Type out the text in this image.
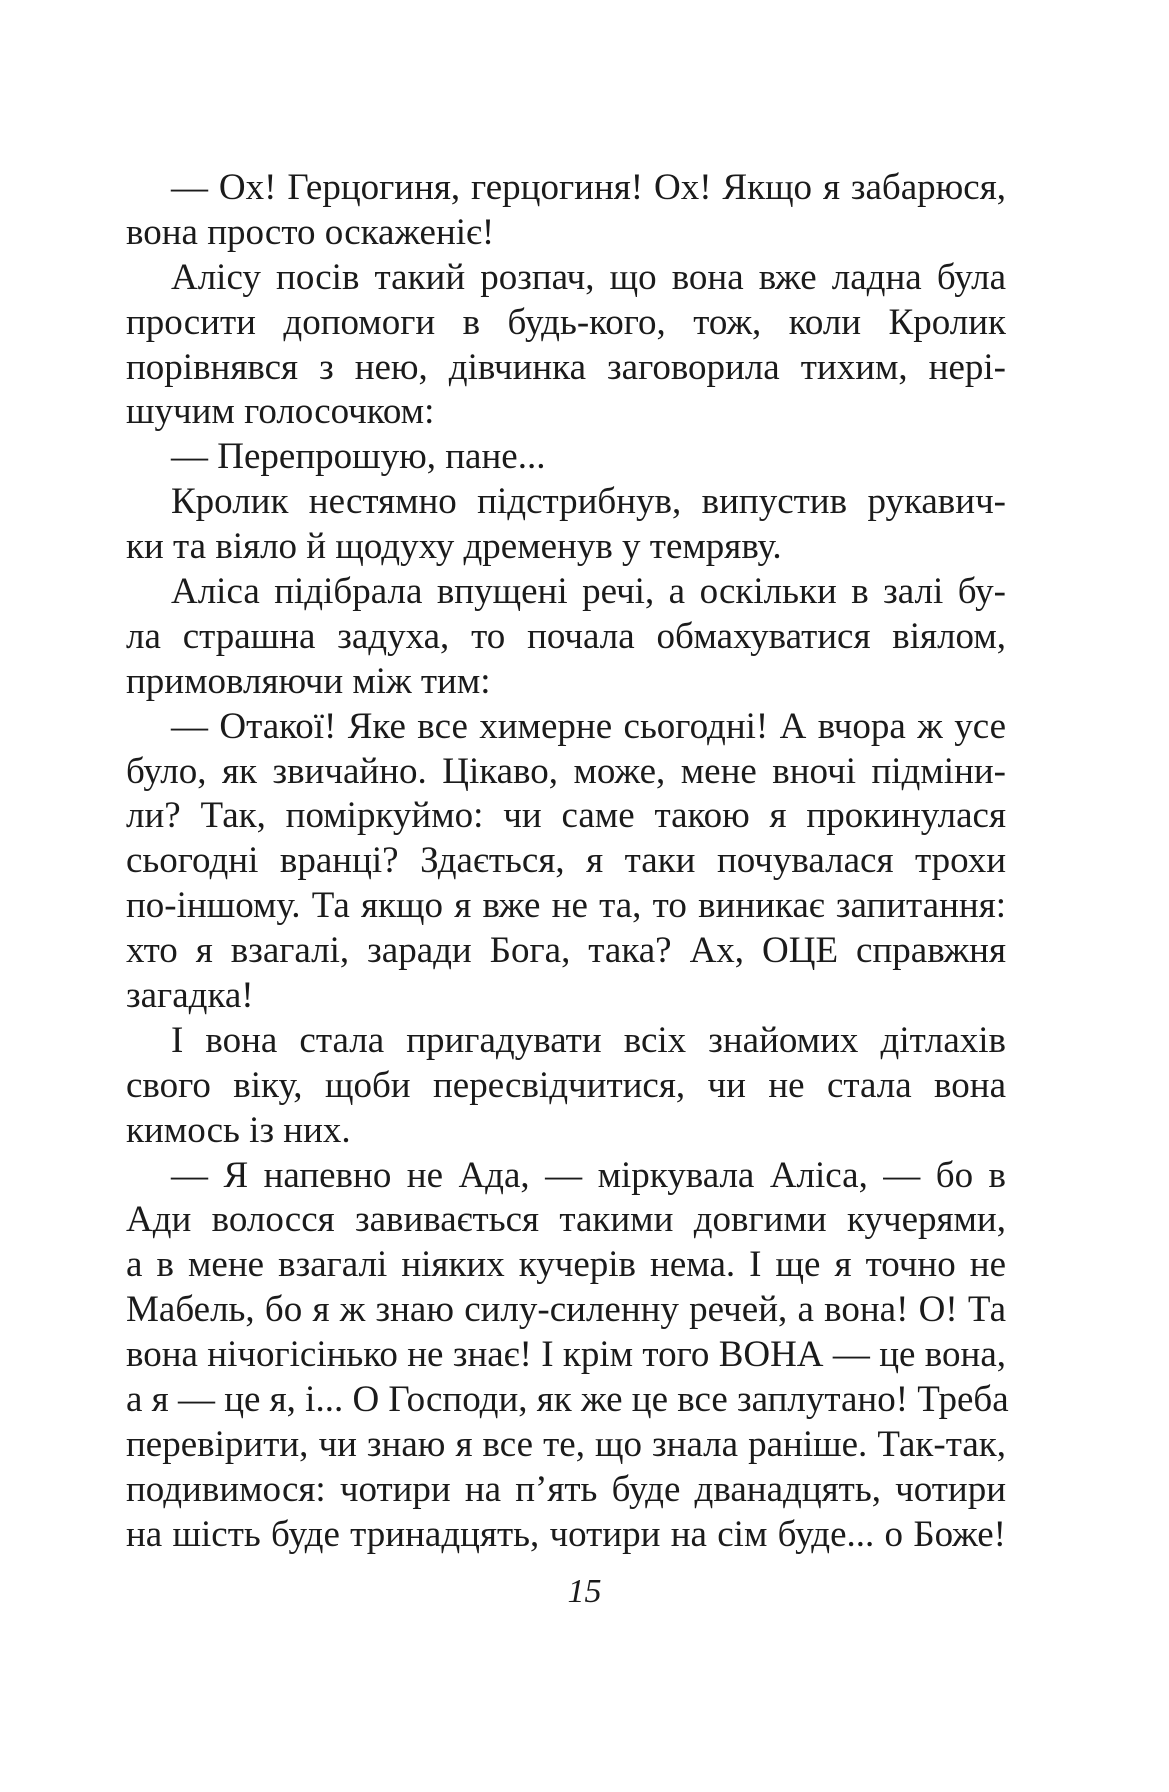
— Ох! Герцогиня, герцогиня! Ох! Якщо я забарюся,
вона просто оскаженіє!
Алісу посів такий розпач, що вона вже ладна була
просити допомоги в будь-кого, тож, коли Кролик
порівнявся з нею, дівчинка заговорила тихим, нері-
шучим голосочком:
— Перепрошую, пане...
Кролик нестямно підстрибнув, випустив рукавич-
ки та віяло й щодуху дременув у темряву.
Аліса підібрала впущені речі, а оскільки в залі бу-
ла страшна задуха, то почала обмахуватися віялом,
примовляючи між тим:
— Отакої! Яке все химерне сьогодні! А вчора ж усе
було, як звичайно. Цікаво, може, мене вночі підміни-
ли? Так, поміркуймо: чи саме такою я прокинулася
сьогодні вранці? Здається, я таки почувалася трохи
по-іншому. Та якщо я вже не та, то виникає запитання:
хто я взагалі, заради Бога, така? Ах, ОЦЕ справжня
загадка!
І вона стала пригадувати всіх знайомих дітлахів
свого віку, щоби пересвідчитися, чи не стала вона
кимось із них.
— Я напевно не Ада, — міркувала Аліса, — бо в
Ади волосся завивається такими довгими кучерями,
а в мене взагалі ніяких кучерів нема. І ще я точно не
Мабель, бо я ж знаю силу-силенну речей, а вона! О! Та
вона нічогісінько не знає! І крім того ВОНА — це вона,
а я — це я, і... О Господи, як же це все заплутано! Треба
перевірити, чи знаю я все те, що знала раніше. Так-так,
подивимося: чотири на п’ять буде дванадцять, чотири
на шість буде тринадцять, чотири на сім буде... о Боже!
15
